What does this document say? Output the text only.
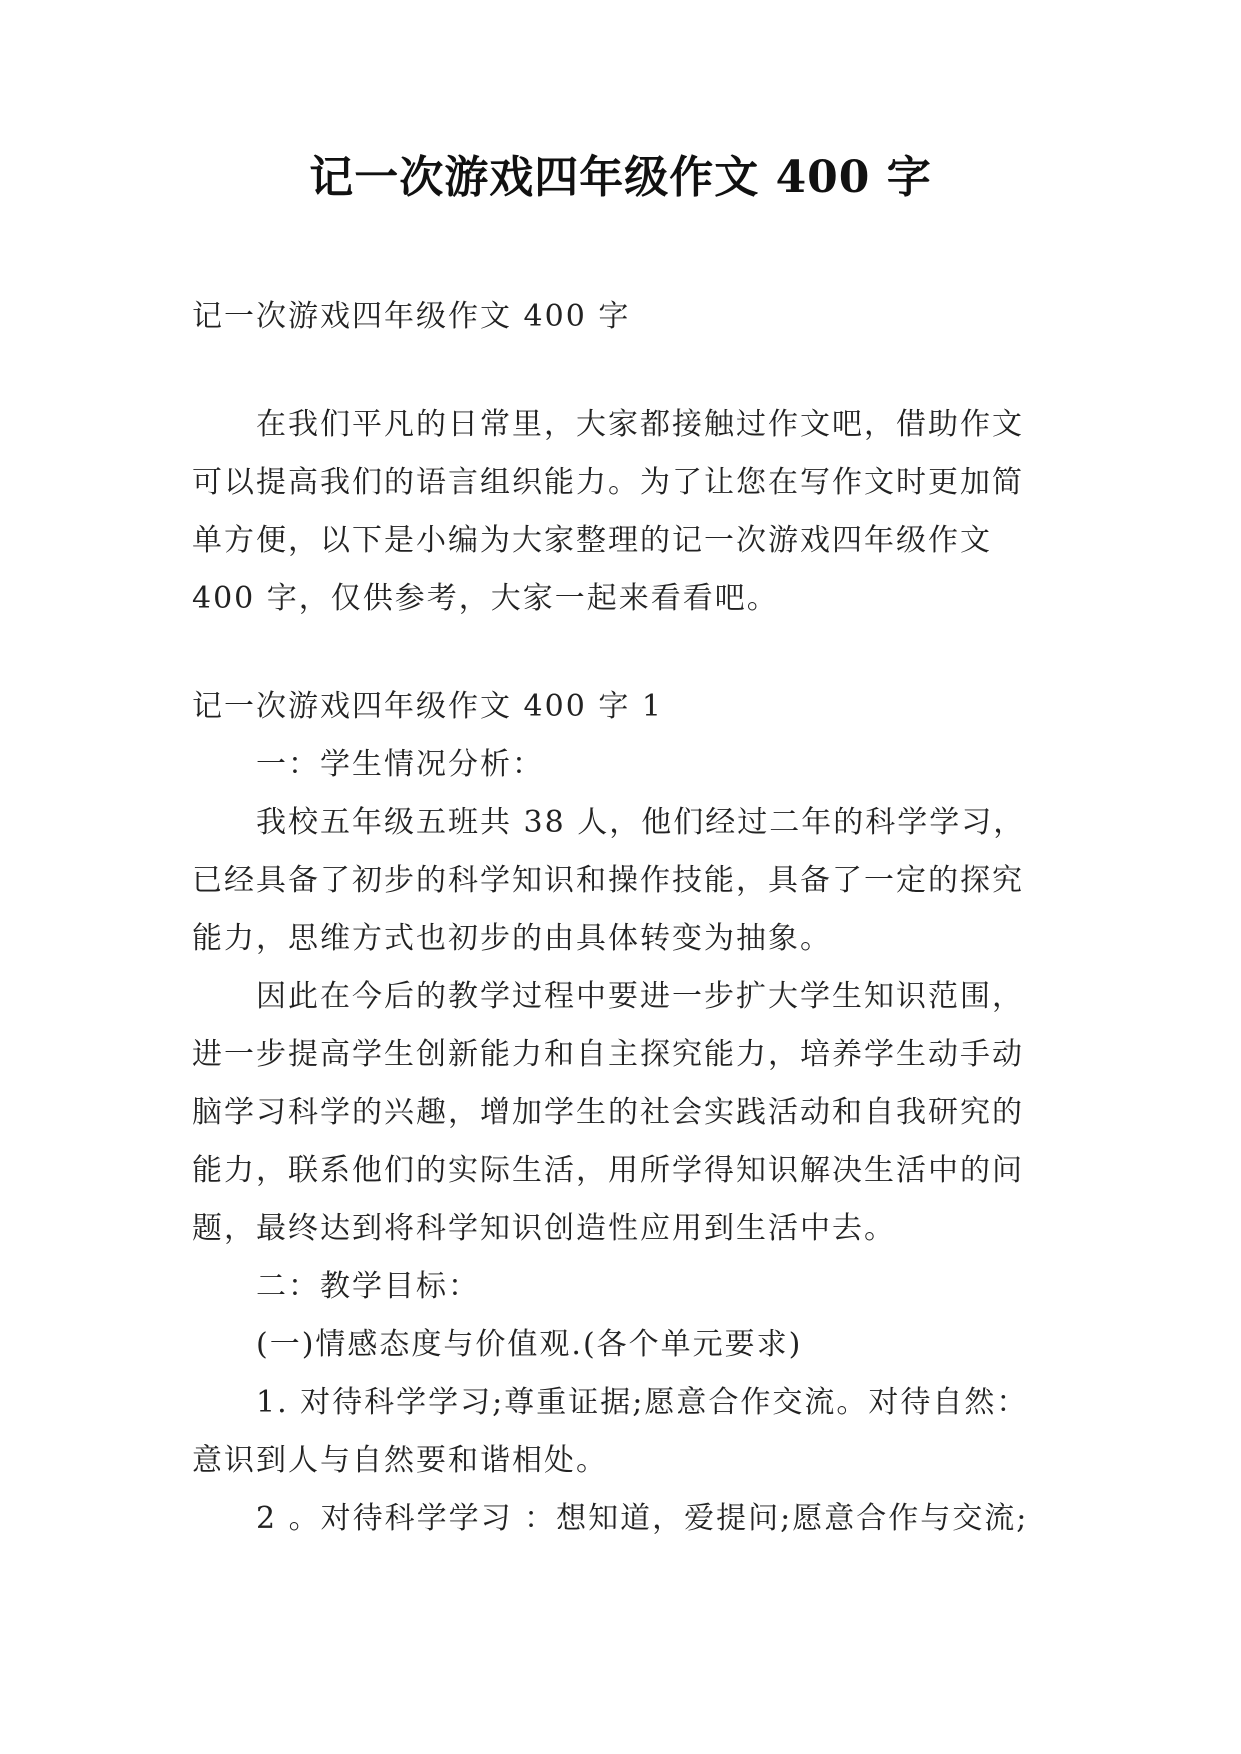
记一次游戏四年级作文 400 字

记一次游戏四年级作文 400 字

在我们平凡的日常里，大家都接触过作文吧，借助作文可以提高我们的语言组织能力。为了让您在写作文时更加简单方便，以下是小编为大家整理的记一次游戏四年级作文 400 字，仅供参考，大家一起来看看吧。

记一次游戏四年级作文 400 字 1

一：学生情况分析：

我校五年级五班共 38 人，他们经过二年的科学学习，已经具备了初步的科学知识和操作技能，具备了一定的探究能力，思维方式也初步的由具体转变为抽象。

因此在今后的教学过程中要进一步扩大学生知识范围，进一步提高学生创新能力和自主探究能力，培养学生动手动脑学习科学的兴趣，增加学生的社会实践活动和自我研究的能力，联系他们的实际生活，用所学得知识解决生活中的问题，最终达到将科学知识创造性应用到生活中去。

二：教学目标：

(一)情感态度与价值观.(各个单元要求)

1. 对待科学学习;尊重证据;愿意合作交流。对待自然：意识到人与自然要和谐相处。

2 。对待科学学习 ：想知道，爱提问;愿意合作与交流;
